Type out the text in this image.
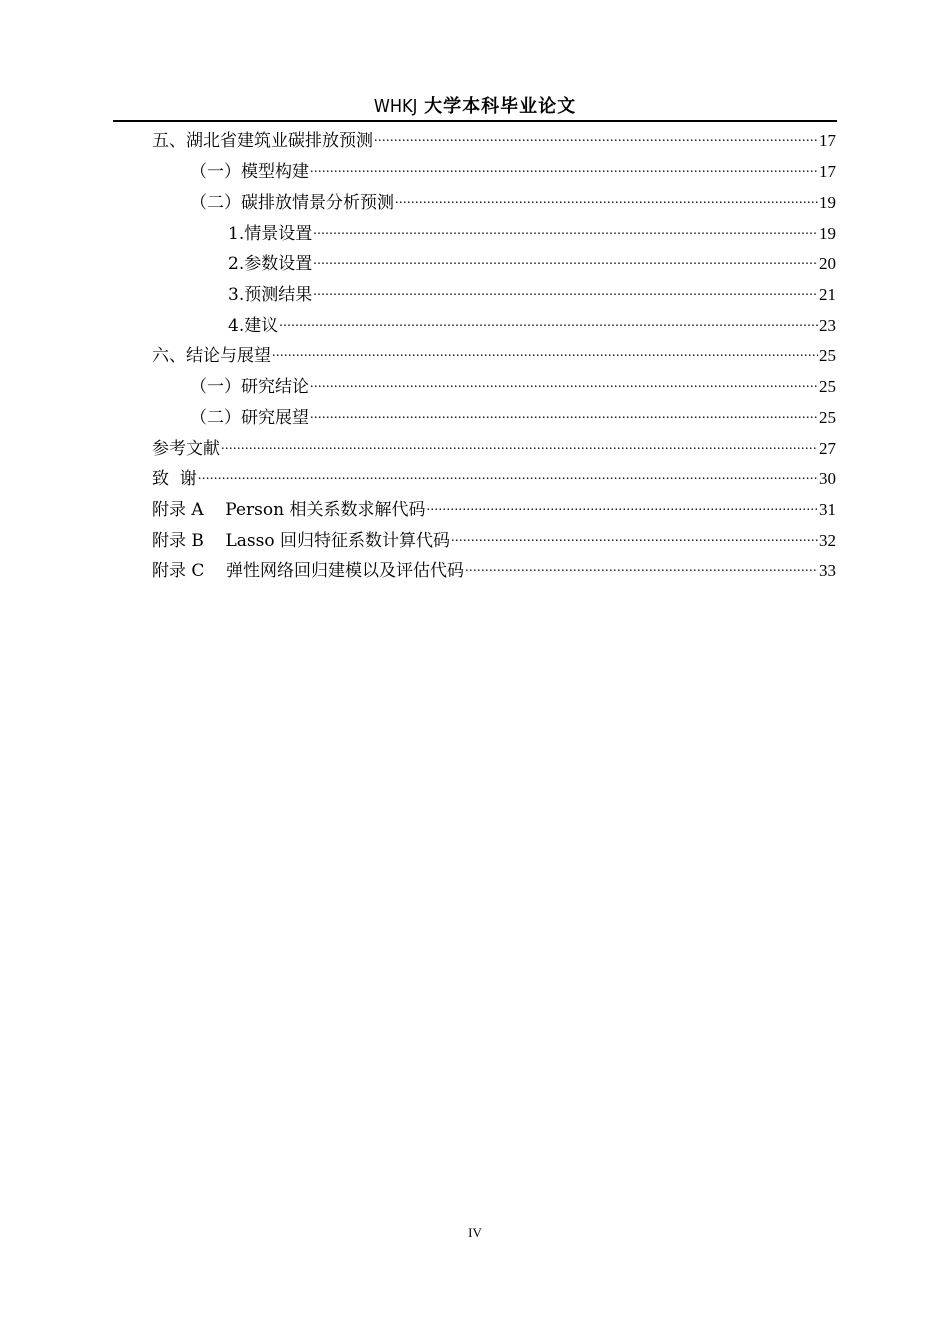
WHKJ 大学本科毕业论文
五、湖北省建筑业碳排放预测 .....	17
（一）模型构建 .....	17
（二）碳排放情景分析预测 .....	19
1.情景设置 .....	19
2.参数设置 .....	20
3.预测结果 .....	21
4.建议 .....	23
六、结论与展望 .....	25
（一）研究结论 .....	25
（二）研究展望 .....	25
参考文献 .....	27
致  谢 .....	30
附录 A    Person 相关系数求解代码 .....	31
附录 B    Lasso 回归特征系数计算代码 .....	32
附录 C    弹性网络回归建模以及评估代码 .....	33
IV
